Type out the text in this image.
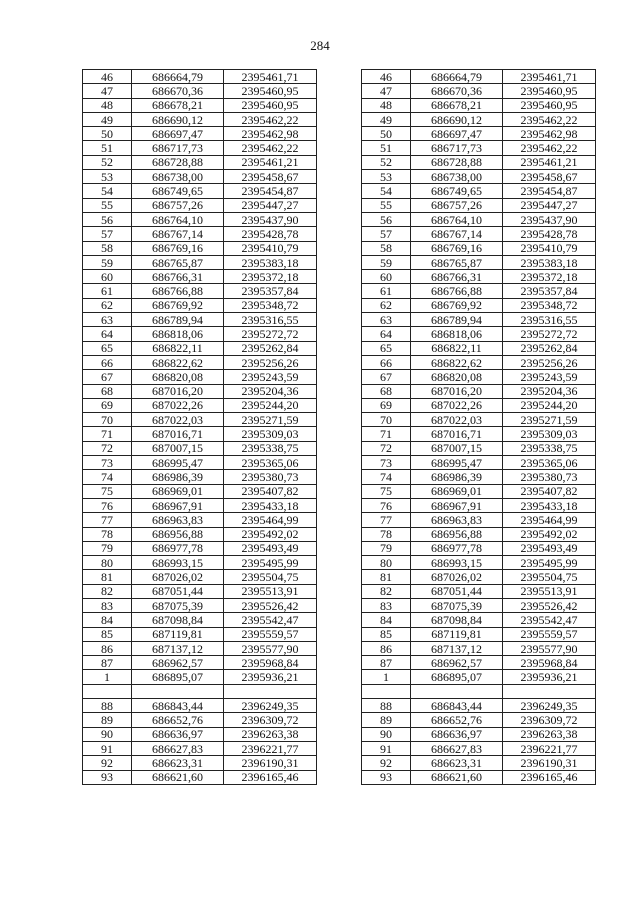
284
46	686664,79	2395461,71		46	686664,79	2395461,71
47	686670,36	2395460,95		47	686670,36	2395460,95
48	686678,21	2395460,95		48	686678,21	2395460,95
49	686690,12	2395462,22		49	686690,12	2395462,22
50	686697,47	2395462,98		50	686697,47	2395462,98
51	686717,73	2395462,22		51	686717,73	2395462,22
52	686728,88	2395461,21		52	686728,88	2395461,21
53	686738,00	2395458,67		53	686738,00	2395458,67
54	686749,65	2395454,87		54	686749,65	2395454,87
55	686757,26	2395447,27		55	686757,26	2395447,27
56	686764,10	2395437,90		56	686764,10	2395437,90
57	686767,14	2395428,78		57	686767,14	2395428,78
58	686769,16	2395410,79		58	686769,16	2395410,79
59	686765,87	2395383,18		59	686765,87	2395383,18
60	686766,31	2395372,18		60	686766,31	2395372,18
61	686766,88	2395357,84		61	686766,88	2395357,84
62	686769,92	2395348,72		62	686769,92	2395348,72
63	686789,94	2395316,55		63	686789,94	2395316,55
64	686818,06	2395272,72		64	686818,06	2395272,72
65	686822,11	2395262,84		65	686822,11	2395262,84
66	686822,62	2395256,26		66	686822,62	2395256,26
67	686820,08	2395243,59		67	686820,08	2395243,59
68	687016,20	2395204,36		68	687016,20	2395204,36
69	687022,26	2395244,20		69	687022,26	2395244,20
70	687022,03	2395271,59		70	687022,03	2395271,59
71	687016,71	2395309,03		71	687016,71	2395309,03
72	687007,15	2395338,75		72	687007,15	2395338,75
73	686995,47	2395365,06		73	686995,47	2395365,06
74	686986,39	2395380,73		74	686986,39	2395380,73
75	686969,01	2395407,82		75	686969,01	2395407,82
76	686967,91	2395433,18		76	686967,91	2395433,18
77	686963,83	2395464,99		77	686963,83	2395464,99
78	686956,88	2395492,02		78	686956,88	2395492,02
79	686977,78	2395493,49		79	686977,78	2395493,49
80	686993,15	2395495,99		80	686993,15	2395495,99
81	687026,02	2395504,75		81	687026,02	2395504,75
82	687051,44	2395513,91		82	687051,44	2395513,91
83	687075,39	2395526,42		83	687075,39	2395526,42
84	687098,84	2395542,47		84	687098,84	2395542,47
85	687119,81	2395559,57		85	687119,81	2395559,57
86	687137,12	2395577,90		86	687137,12	2395577,90
87	686962,57	2395968,84		87	686962,57	2395968,84
1	686895,07	2395936,21		1	686895,07	2395936,21

88	686843,44	2396249,35		88	686843,44	2396249,35
89	686652,76	2396309,72		89	686652,76	2396309,72
90	686636,97	2396263,38		90	686636,97	2396263,38
91	686627,83	2396221,77		91	686627,83	2396221,77
92	686623,31	2396190,31		92	686623,31	2396190,31
93	686621,60	2396165,46		93	686621,60	2396165,46
